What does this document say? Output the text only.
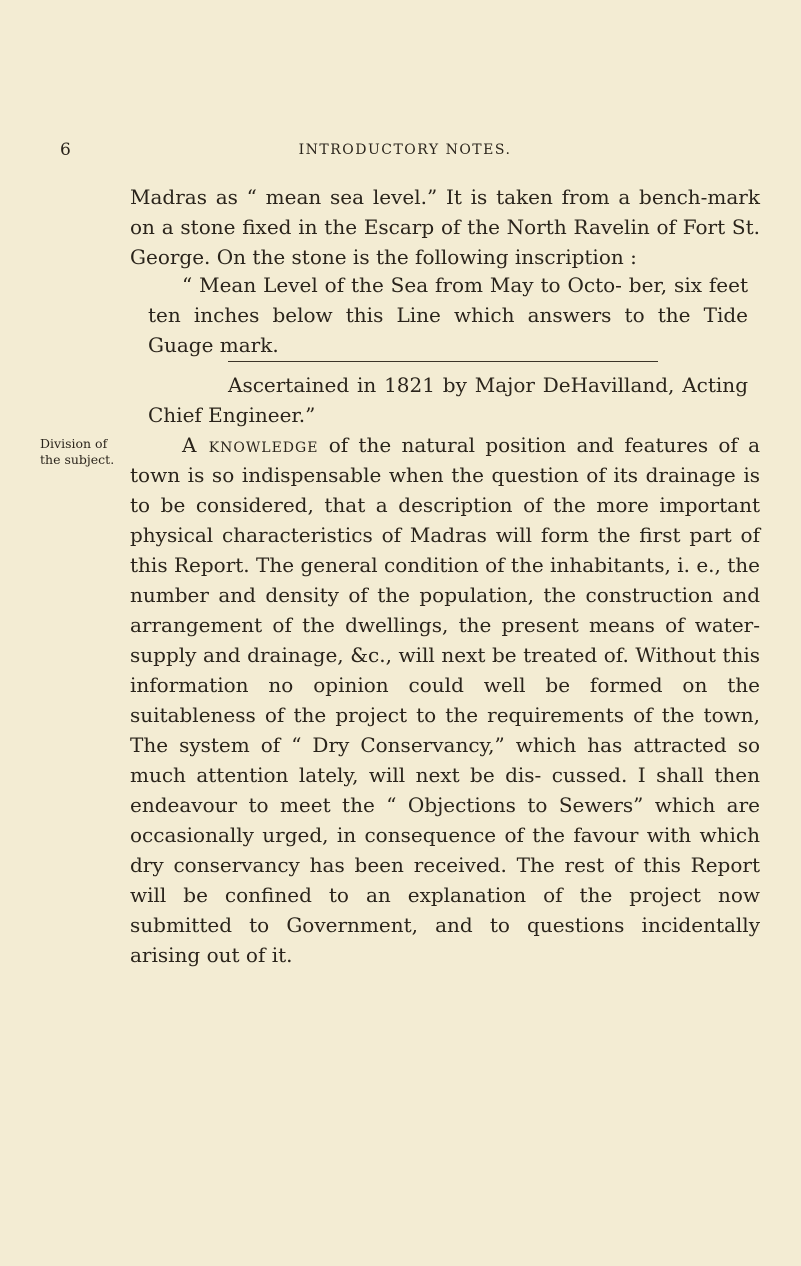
6	INTRODUCTORY NOTES.

Madras as “ mean sea level.” It is taken from a bench-mark on a stone fixed in the Escarp of the North Ravelin of Fort St. George. On the stone is the following inscription :

“ Mean Level of the Sea from May to Octo- ber, six feet ten inches below this Line which answers to the Tide Guage mark.

Ascertained in 1821 by Major DeHavilland, Acting Chief Engineer.”

Division of
the subject.

A knowledge of the natural position and features of a town is so indispensable when the question of its drainage is to be considered, that a description of the more important physical characteristics of Madras will form the first part of this Report. The general condition of the inhabitants, i. e., the number and density of the population, the construction and arrangement of the dwellings, the present means of water-supply and drainage, &c., will next be treated of. Without this information no opinion could well be formed on the suitableness of the project to the requirements of the town, The system of “ Dry Conservancy,” which has attracted so much attention lately, will next be dis- cussed. I shall then endeavour to meet the “ Objections to Sewers” which are occasionally urged, in consequence of the favour with which dry conservancy has been received. The rest of this Report will be confined to an explanation of the project now submitted to Government, and to questions incidentally arising out of it.
